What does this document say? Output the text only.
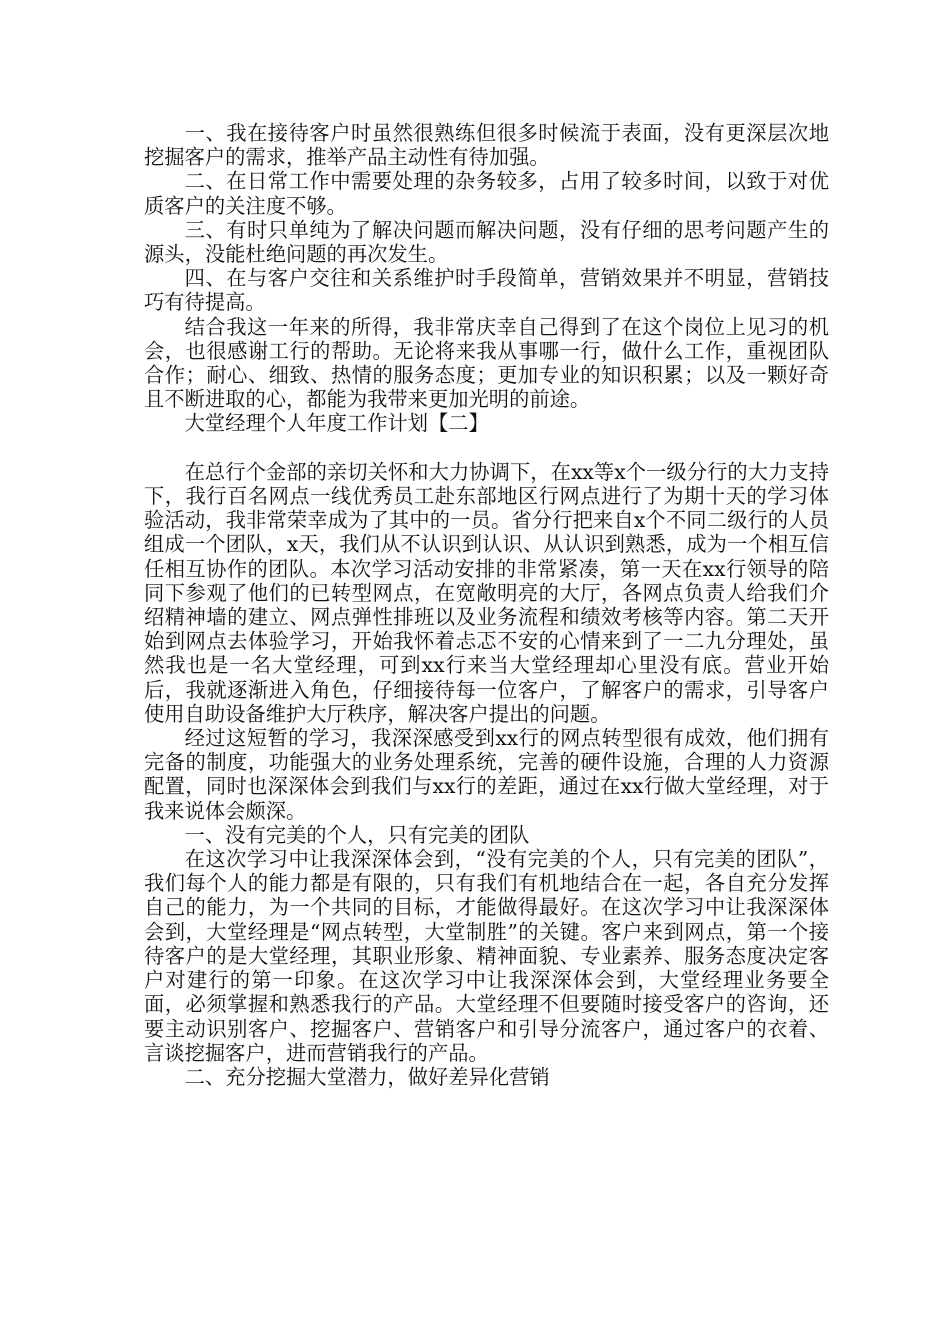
一、我在接待客户时虽然很熟练但很多时候流于表面，没有更深层次地挖掘客户的需求，推举产品主动性有待加强。

二、在日常工作中需要处理的杂务较多，占用了较多时间，以致于对优质客户的关注度不够。

三、有时只单纯为了解决问题而解决问题，没有仔细的思考问题产生的源头，没能杜绝问题的再次发生。

四、在与客户交往和关系维护时手段简单，营销效果并不明显，营销技巧有待提高。

结合我这一年来的所得，我非常庆幸自己得到了在这个岗位上见习的机会，也很感谢工行的帮助。无论将来我从事哪一行，做什么工作，重视团队合作；耐心、细致、热情的服务态度；更加专业的知识积累；以及一颗好奇且不断进取的心，都能为我带来更加光明的前途。

大堂经理个人年度工作计划【二】

在总行个金部的亲切关怀和大力协调下，在xx等x个一级分行的大力支持下，我行百名网点一线优秀员工赴东部地区行网点进行了为期十天的学习体验活动，我非常荣幸成为了其中的一员。省分行把来自x个不同二级行的人员组成一个团队，x天，我们从不认识到认识、从认识到熟悉，成为一个相互信任相互协作的团队。本次学习活动安排的非常紧凑，第一天在xx行领导的陪同下参观了他们的已转型网点，在宽敞明亮的大厅，各网点负责人给我们介绍精神墙的建立、网点弹性排班以及业务流程和绩效考核等内容。第二天开始到网点去体验学习，开始我怀着忐忑不安的心情来到了一二九分理处，虽然我也是一名大堂经理，可到xx行来当大堂经理却心里没有底。营业开始后，我就逐渐进入角色，仔细接待每一位客户，了解客户的需求，引导客户使用自助设备维护大厅秩序，解决客户提出的问题。

经过这短暂的学习，我深深感受到xx行的网点转型很有成效，他们拥有完备的制度，功能强大的业务处理系统，完善的硬件设施，合理的人力资源配置，同时也深深体会到我们与xx行的差距，通过在xx行做大堂经理，对于我来说体会颇深。

一、没有完美的个人，只有完美的团队

在这次学习中让我深深体会到，“没有完美的个人，只有完美的团队”，我们每个人的能力都是有限的，只有我们有机地结合在一起，各自充分发挥自己的能力，为一个共同的目标，才能做得最好。在这次学习中让我深深体会到，大堂经理是“网点转型，大堂制胜”的关键。客户来到网点，第一个接待客户的是大堂经理，其职业形象、精神面貌、专业素养、服务态度决定客户对建行的第一印象。在这次学习中让我深深体会到，大堂经理业务要全面，必须掌握和熟悉我行的产品。大堂经理不但要随时接受客户的咨询，还要主动识别客户、挖掘客户、营销客户和引导分流客户，通过客户的衣着、言谈挖掘客户，进而营销我行的产品。

二、充分挖掘大堂潜力，做好差异化营销
